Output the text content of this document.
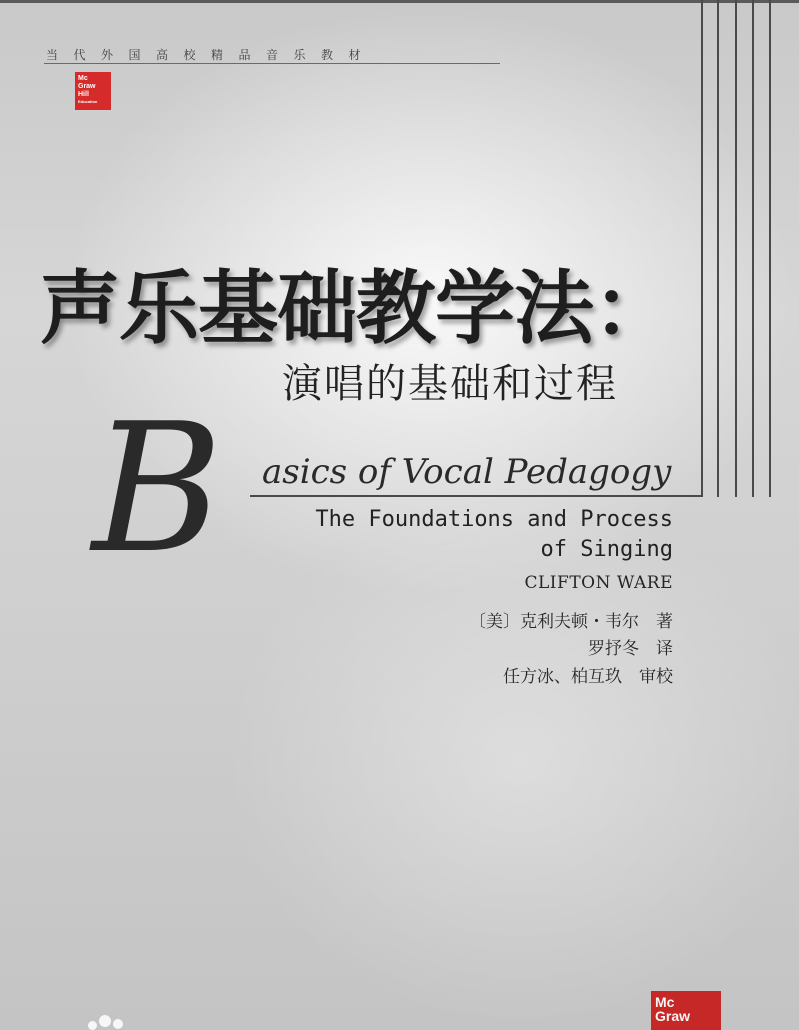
当代外国高校精品音乐教材
Mc
Graw
Hill
Education
声乐基础教学法：
演唱的基础和过程
B asics of Vocal Pedagogy
The Foundations and Process
of Singing
CLIFTON WARE
〔美〕克利夫顿・韦尔　著
罗抒冬　译
任方冰、柏互玖　审校
Mc
Graw
